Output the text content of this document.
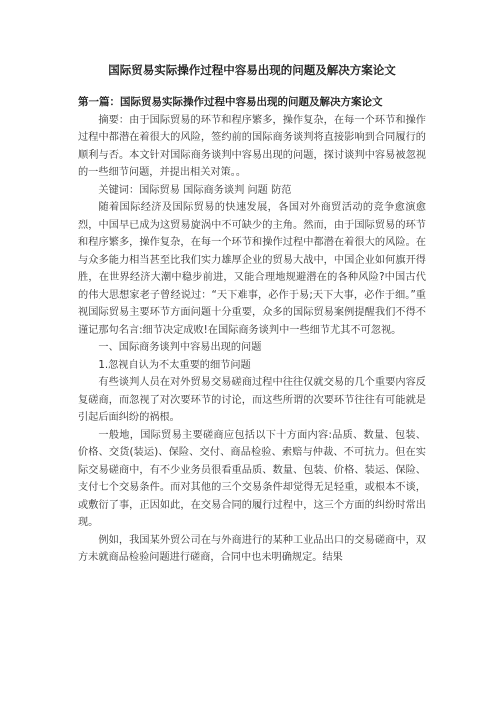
国际贸易实际操作过程中容易出现的问题及解决方案论文
第一篇：国际贸易实际操作过程中容易出现的问题及解决方案论文

摘要：由于国际贸易的环节和程序繁多，操作复杂，在每一个环节和操作过程中都潜在着很大的风险，签约前的国际商务谈判将直接影响到合同履行的顺利与否。本文针对国际商务谈判中容易出现的问题，探讨谈判中容易被忽视的一些细节问题，并提出相关对策。。

关键词：国际贸易 国际商务谈判 问题 防范

随着国际经济及国际贸易的快速发展，各国对外商贸活动的竞争愈演愈烈，中国早已成为这贸易旋涡中不可缺少的主角。然而，由于国际贸易的环节和程序繁多，操作复杂，在每一个环节和操作过程中都潜在着很大的风险。在与众多能力相当甚至比我们实力雄厚企业的贸易大战中，中国企业如何旗开得胜，在世界经济大潮中稳步前进，又能合理地规避潜在的各种风险?中国古代的伟大思想家老子曾经说过：“天下难事，必作于易;天下大事，必作于细。”重视国际贸易主要环节方面问题十分重要，众多的国际贸易案例提醒我们不得不谨记那句名言:细节决定成败!在国际商务谈判中一些细节尤其不可忽视。

一、国际商务谈判中容易出现的问题

1.忽视自认为不太重要的细节问题

有些谈判人员在对外贸易交易磋商过程中往往仅就交易的几个重要内容反复磋商，而忽视了对次要环节的讨论，而这些所谓的次要环节往往有可能就是引起后面纠纷的祸根。

一般地，国际贸易主要磋商应包括以下十方面内容:品质、数量、包装、价格、交货(装运)、保险、交付、商品检验、索赔与仲裁、不可抗力。但在实际交易磋商中，有不少业务员很看重品质、数量、包装、价格、装运、保险、支付七个交易条件。而对其他的三个交易条件却觉得无足轻重，或根本不谈，或敷衍了事，正因如此，在交易合同的履行过程中，这三个方面的纠纷时常出现。

例如，我国某外贸公司在与外商进行的某种工业品出口的交易磋商中，双方未就商品检验问题进行磋商，合同中也未明确规定。结果
